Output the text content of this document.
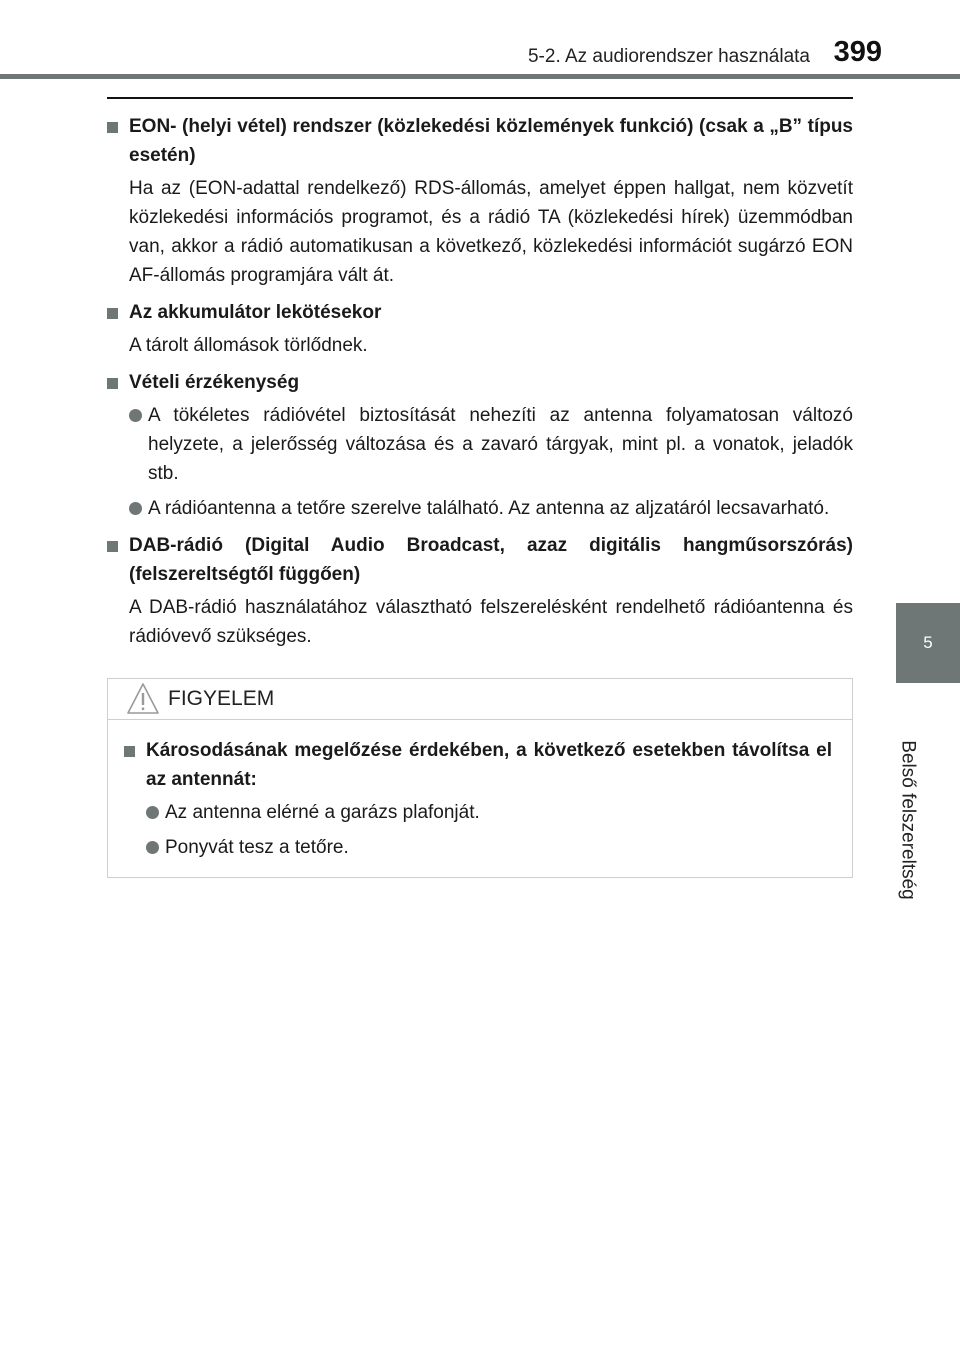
5-2. Az audiorendszer használata 399
5
Belső felszereltség
EON- (helyi vétel) rendszer (közlekedési közlemények funkció) (csak a „B” típus esetén)
Ha az (EON-adattal rendelkező) RDS-állomás, amelyet éppen hallgat, nem közvetít közlekedési információs programot, és a rádió TA (közlekedési hírek) üzemmódban van, akkor a rádió automatikusan a következő, közlekedési információt sugárzó EON AF-állomás programjára vált át.
Az akkumulátor lekötésekor
A tárolt állomások törlődnek.
Vételi érzékenység
A tökéletes rádióvétel biztosítását nehezíti az antenna folyamatosan változó helyzete, a jelerősség változása és a zavaró tárgyak, mint pl. a vonatok, jeladók stb.
A rádióantenna a tetőre szerelve található. Az antenna az aljzatáról lecsavarható.
DAB-rádió (Digital Audio Broadcast, azaz digitális hangműsorszórás) (felszereltségtől függően)
A DAB-rádió használatához választható felszerelésként rendelhető rádióantenna és rádióvevő szükséges.
FIGYELEM
Károsodásának megelőzése érdekében, a következő esetekben távolítsa el az antennát:
Az antenna elérné a garázs plafonját.
Ponyvát tesz a tetőre.
